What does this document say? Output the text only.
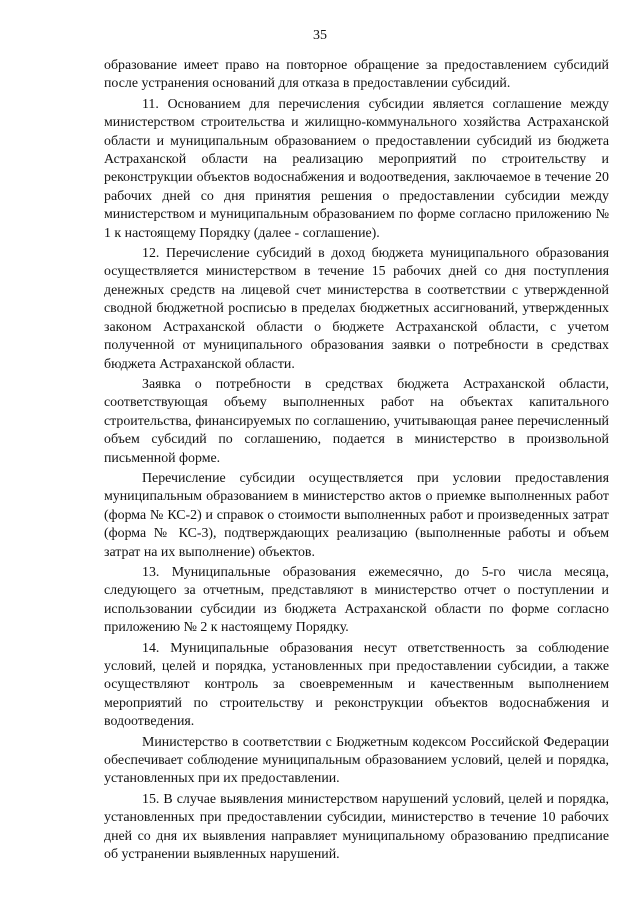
35

образование имеет право на повторное обращение за предоставлением субсидий после устранения оснований для отказа в предоставлении субсидий.

11. Основанием для перечисления субсидии является соглашение между министерством строительства и жилищно-коммунального хозяйства Астраханской области и муниципальным образованием о предоставлении субсидий из бюджета Астраханской области на реализацию мероприятий по строительству и реконструкции объектов водоснабжения и водоотведения, заключаемое в течение 20 рабочих дней со дня принятия решения о предоставлении субсидии между министерством и муниципальным образованием по форме согласно приложению № 1 к настоящему Порядку (далее - соглашение).

12. Перечисление субсидий в доход бюджета муниципального образования осуществляется министерством в течение 15 рабочих дней со дня поступления денежных средств на лицевой счет министерства в соответствии с утвержденной сводной бюджетной росписью в пределах бюджетных ассигнований, утвержденных законом Астраханской области о бюджете Астраханской области, с учетом полученной от муниципального образования заявки о потребности в средствах бюджета Астраханской области.

Заявка о потребности в средствах бюджета Астраханской области, соответствующая объему выполненных работ на объектах капитального строительства, финансируемых по соглашению, учитывающая ранее перечисленный объем субсидий по соглашению, подается в министерство в произвольной письменной форме.

Перечисление субсидии осуществляется при условии предоставления муниципальным образованием в министерство актов о приемке выполненных работ (форма № КС-2) и справок о стоимости выполненных работ и произведенных затрат (форма № КС-3), подтверждающих реализацию (выполненные работы и объем затрат на их выполнение) объектов.

13. Муниципальные образования ежемесячно, до 5-го числа месяца, следующего за отчетным, представляют в министерство отчет о поступлении и использовании субсидии из бюджета Астраханской области по форме согласно приложению № 2 к настоящему Порядку.

14. Муниципальные образования несут ответственность за соблюдение условий, целей и порядка, установленных при предоставлении субсидии, а также осуществляют контроль за своевременным и качественным выполнением мероприятий по строительству и реконструкции объектов водоснабжения и водоотведения.

Министерство в соответствии с Бюджетным кодексом Российской Федерации обеспечивает соблюдение муниципальным образованием условий, целей и порядка, установленных при их предоставлении.

15. В случае выявления министерством нарушений условий, целей и порядка, установленных при предоставлении субсидии, министерство в течение 10 рабочих дней со дня их выявления направляет муниципальному образованию предписание об устранении выявленных нарушений.
